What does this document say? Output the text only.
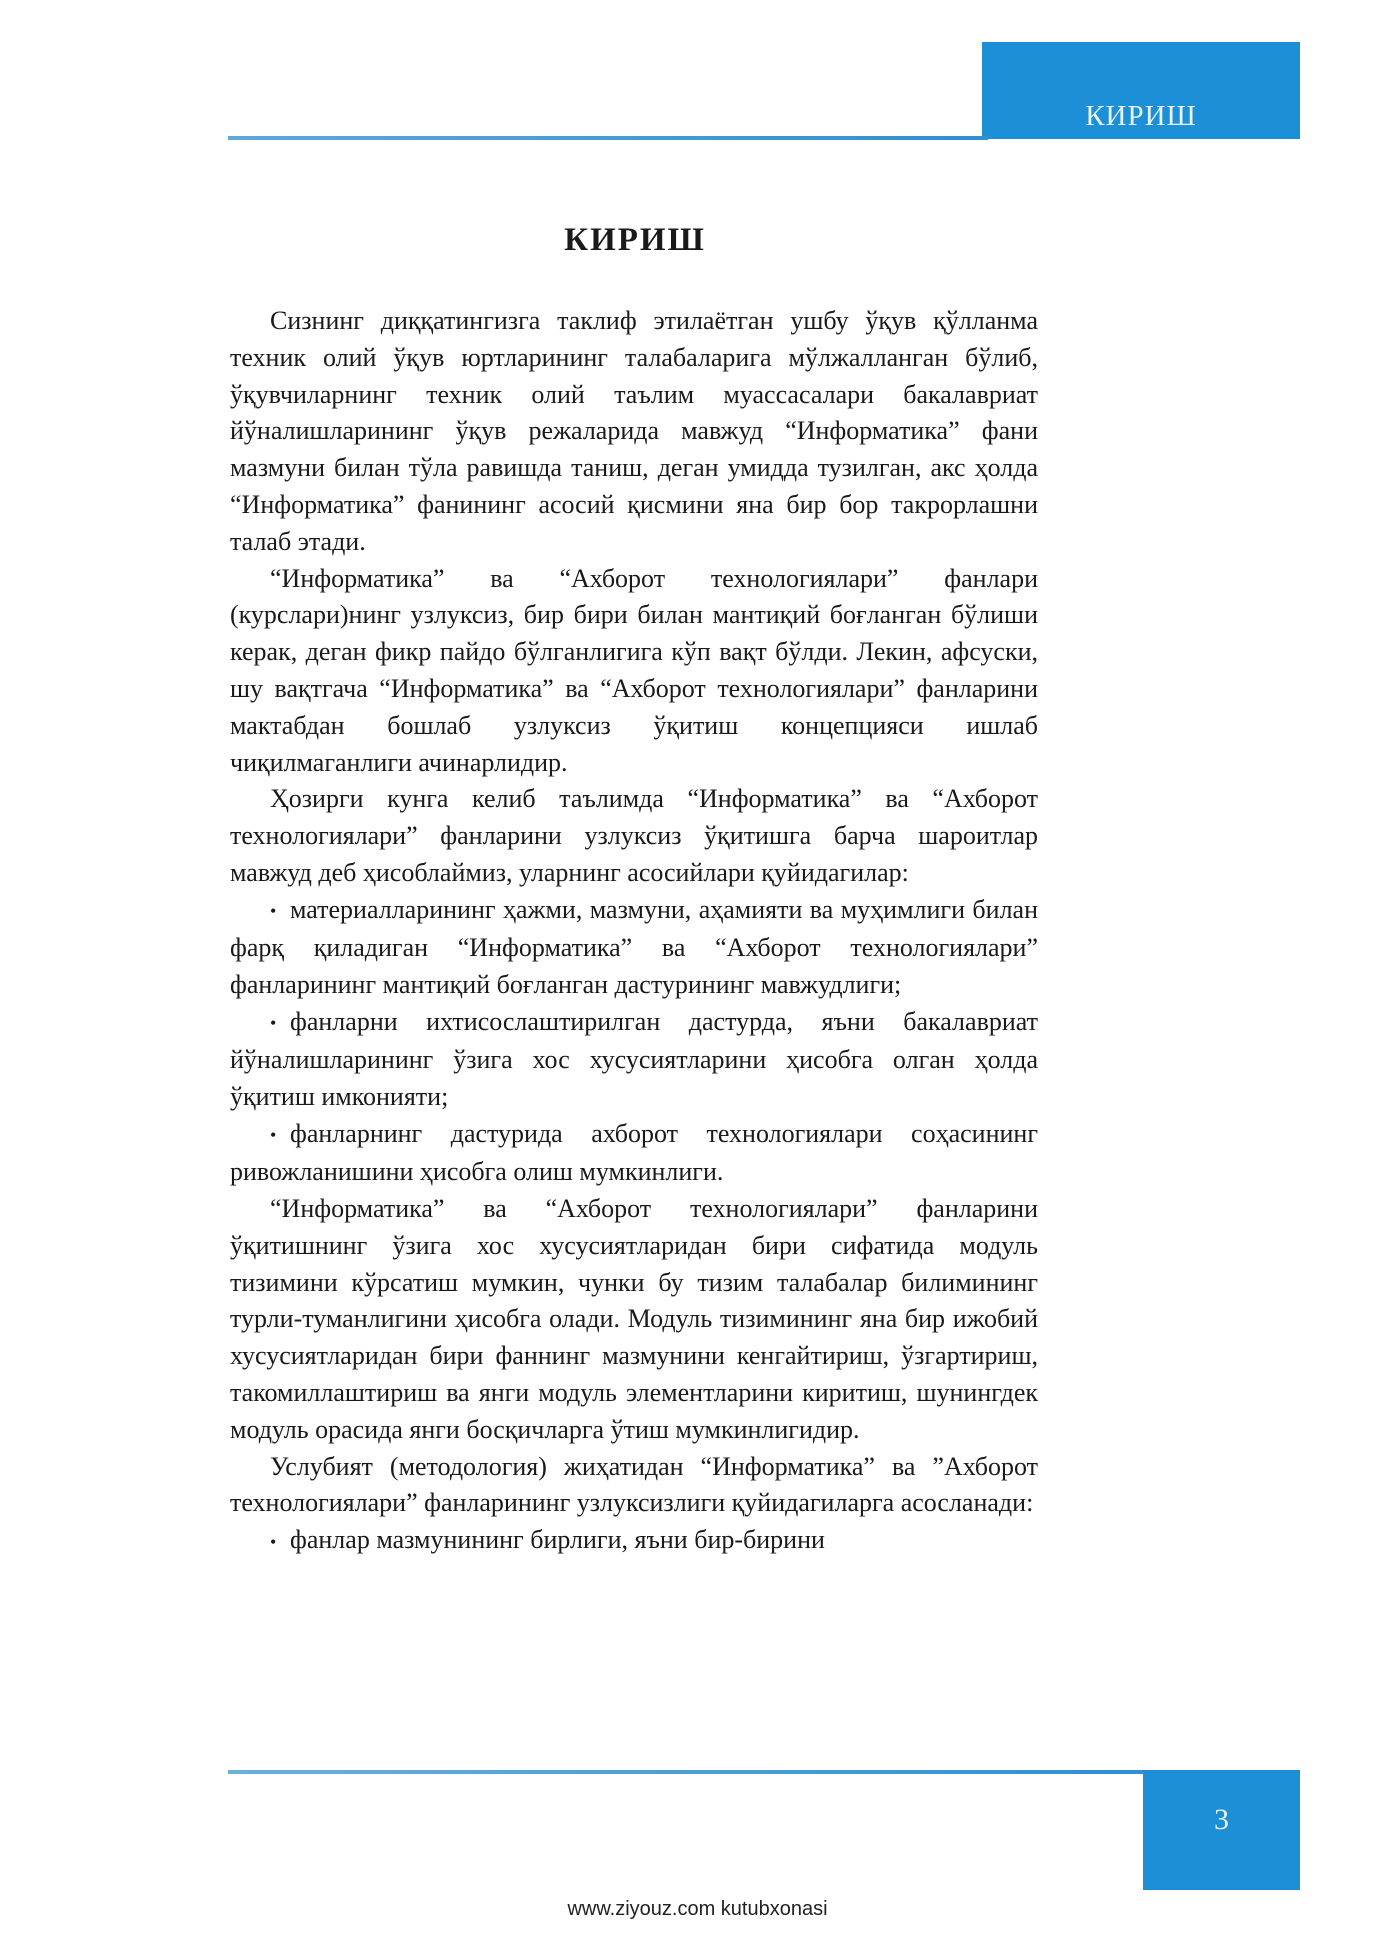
КИРИШ
КИРИШ

Сизнинг диққатингизга таклиф этилаётган ушбу ўқув қўлланма техник олий ўқув юртларининг талабаларига мўлжалланган бўлиб, ўқувчиларнинг техник олий таълим муассасалари бакалавриат йўналишларининг ўқув режаларида мавжуд “Информатика” фани мазмуни билан тўла равишда таниш, деган умидда тузилган, акс ҳолда “Информатика” фанининг асосий қисмини яна бир бор такрорлашни талаб этади.

“Информатика” ва “Ахборот технологиялари” фанлари (курслари)нинг узлуксиз, бир бири билан мантиқий боғланган бўлиши керак, деган фикр пайдо бўлганлигига кўп вақт бўлди. Лекин, афсуски, шу вақтгача “Информатика” ва “Ахборот технологиялари” фанларини мактабдан бошлаб узлуксиз ўқитиш концепцияси ишлаб чиқилмаганлиги ачинарлидир.

Ҳозирги кунга келиб таълимда “Информатика” ва “Ахборот технологиялари” фанларини узлуксиз ўқитишга барча шароитлар мавжуд деб ҳисоблаймиз, уларнинг асосийлари қуйидагилар:

• материалларининг ҳажми, мазмуни, аҳамияти ва муҳимлиги билан фарқ қиладиган “Информатика” ва “Ахборот технологиялари” фанларининг мантиқий боғланган дастурининг мавжудлиги;

• фанларни ихтисослаштирилган дастурда, яъни бакалавриат йўналишларининг ўзига хос хусусиятларини ҳисобга олган ҳолда ўқитиш имконияти;

• фанларнинг дастурида ахборот технологиялари соҳасининг ривожланишини ҳисобга олиш мумкинлиги.

“Информатика” ва “Ахборот технологиялари” фанларини ўқитишнинг ўзига хос хусусиятларидан бири сифатида модуль тизимини кўрсатиш мумкин, чунки бу тизим талабалар билимининг турли-туманлигини ҳисобга олади. Модуль тизимининг яна бир ижобий хусусиятларидан бири фаннинг мазмунини кенгайтириш, ўзгартириш, такомиллаштириш ва янги модуль элементларини киритиш, шунингдек модуль орасида янги босқичларга ўтиш мумкинлигидир.

Услубият (методология) жиҳатидан “Информатика” ва ”Ахборот технологиялари” фанларининг узлуксизлиги қуйидагиларга асосланади:

• фанлар мазмунининг бирлиги, яъни бир-бирини

3
www.ziyouz.com kutubxonasi
